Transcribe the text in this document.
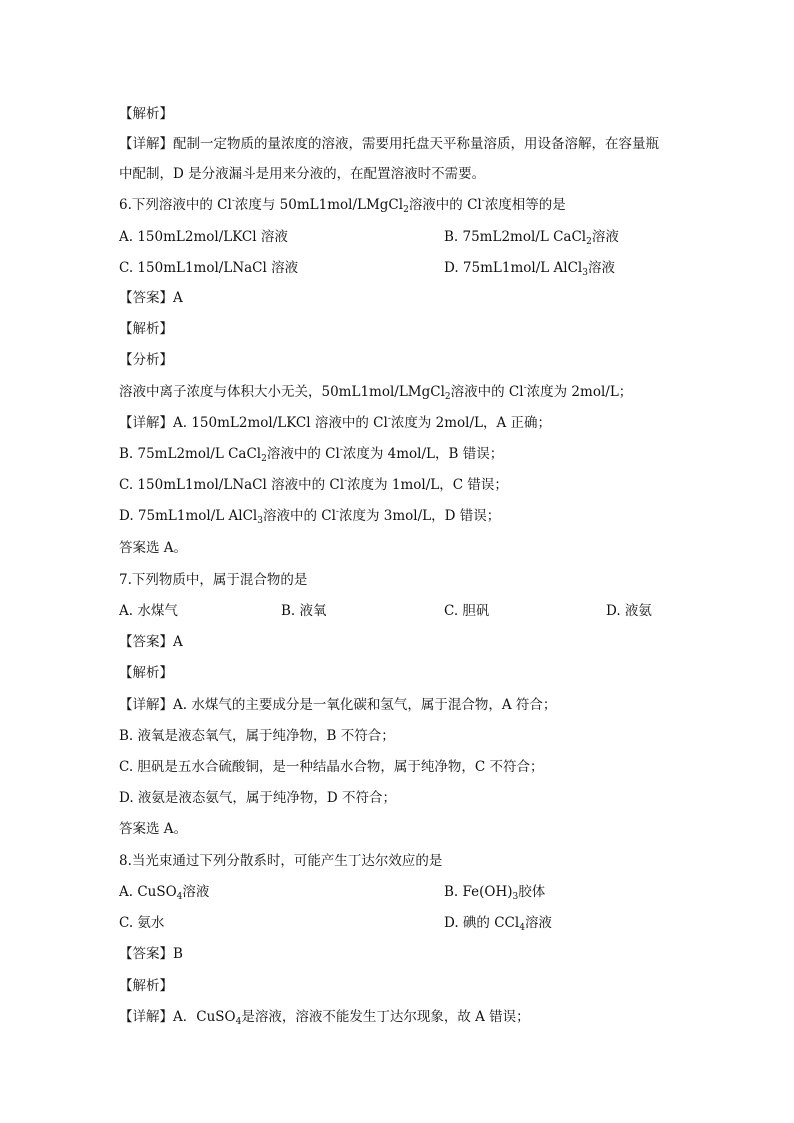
【解析】
【详解】配制一定物质的量浓度的溶液，需要用托盘天平称量溶质，用设备溶解，在容量瓶
中配制，D 是分液漏斗是用来分液的，在配置溶液时不需要。
6.下列溶液中的 Cl-浓度与 50mL1mol/LMgCl$_2$溶液中的 Cl-浓度相等的是
A. 150mL2mol/LKCl 溶液	B. 75mL2mol/L CaCl$_2$溶液
C. 150mL1mol/LNaCl 溶液	D. 75mL1mol/L AlCl$_3$溶液
【答案】A
【解析】
【分析】
溶液中离子浓度与体积大小无关，50mL1mol/LMgCl$_2$溶液中的 Cl-浓度为 2mol/L；
【详解】A. 150mL2mol/LKCl 溶液中的 Cl-浓度为 2mol/L，A 正确；
B. 75mL2mol/L CaCl$_2$溶液中的 Cl-浓度为 4mol/L，B 错误；
C. 150mL1mol/LNaCl 溶液中的 Cl-浓度为 1mol/L，C 错误；
D. 75mL1mol/L AlCl$_3$溶液中的 Cl-浓度为 3mol/L，D 错误；
答案选 A。
7.下列物质中，属于混合物的是
A. 水煤气	B. 液氧	C. 胆矾	D. 液氨
【答案】A
【解析】
【详解】A. 水煤气的主要成分是一氧化碳和氢气，属于混合物，A 符合；
B. 液氧是液态氧气，属于纯净物，B 不符合；
C. 胆矾是五水合硫酸铜，是一种结晶水合物，属于纯净物，C 不符合；
D. 液氨是液态氨气，属于纯净物，D 不符合；
答案选 A。
8.当光束通过下列分散系时，可能产生丁达尔效应的是
A. CuSO$_4$溶液	B. $Fe(OH)_3$胶体
C. 氨水	D. 碘的 CCl$_4$溶液
【答案】B
【解析】
【详解】A．CuSO$_4$是溶液，溶液不能发生丁达尔现象，故 A 错误；
